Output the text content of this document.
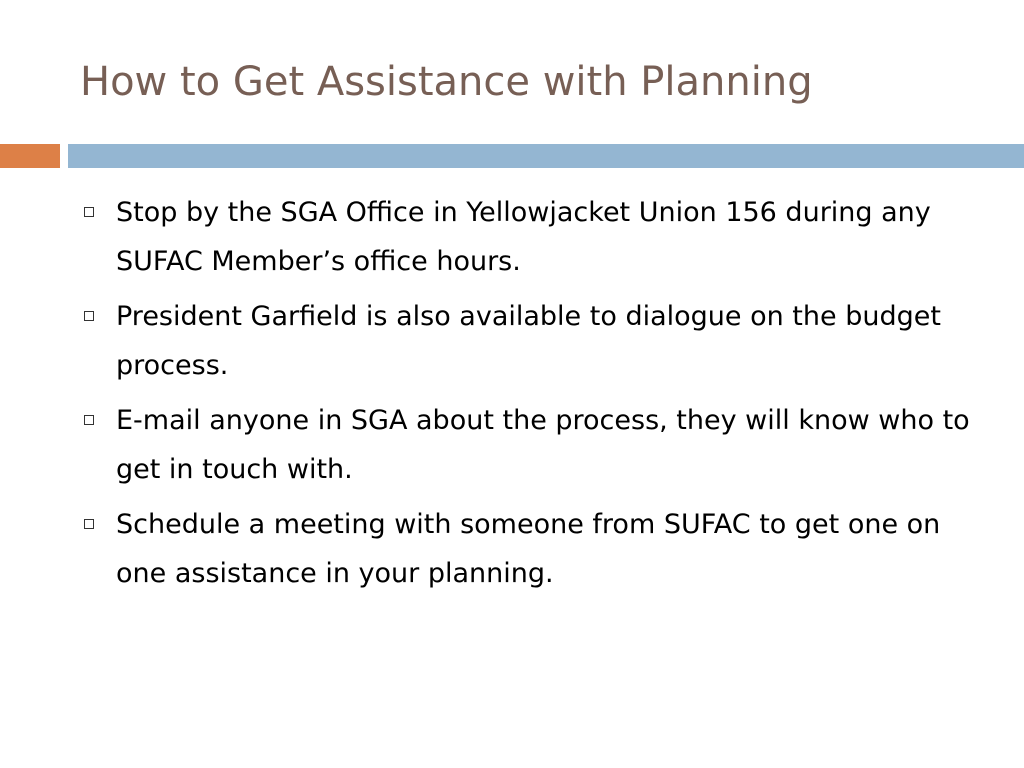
How to Get Assistance with Planning
Stop by the SGA Office in Yellowjacket Union 156 during any SUFAC Member’s office hours.
President Garfield is also available to dialogue on the budget process.
E-mail anyone in SGA about the process, they will know who to get in touch with.
Schedule a meeting with someone from SUFAC to get one on one assistance in your planning.
